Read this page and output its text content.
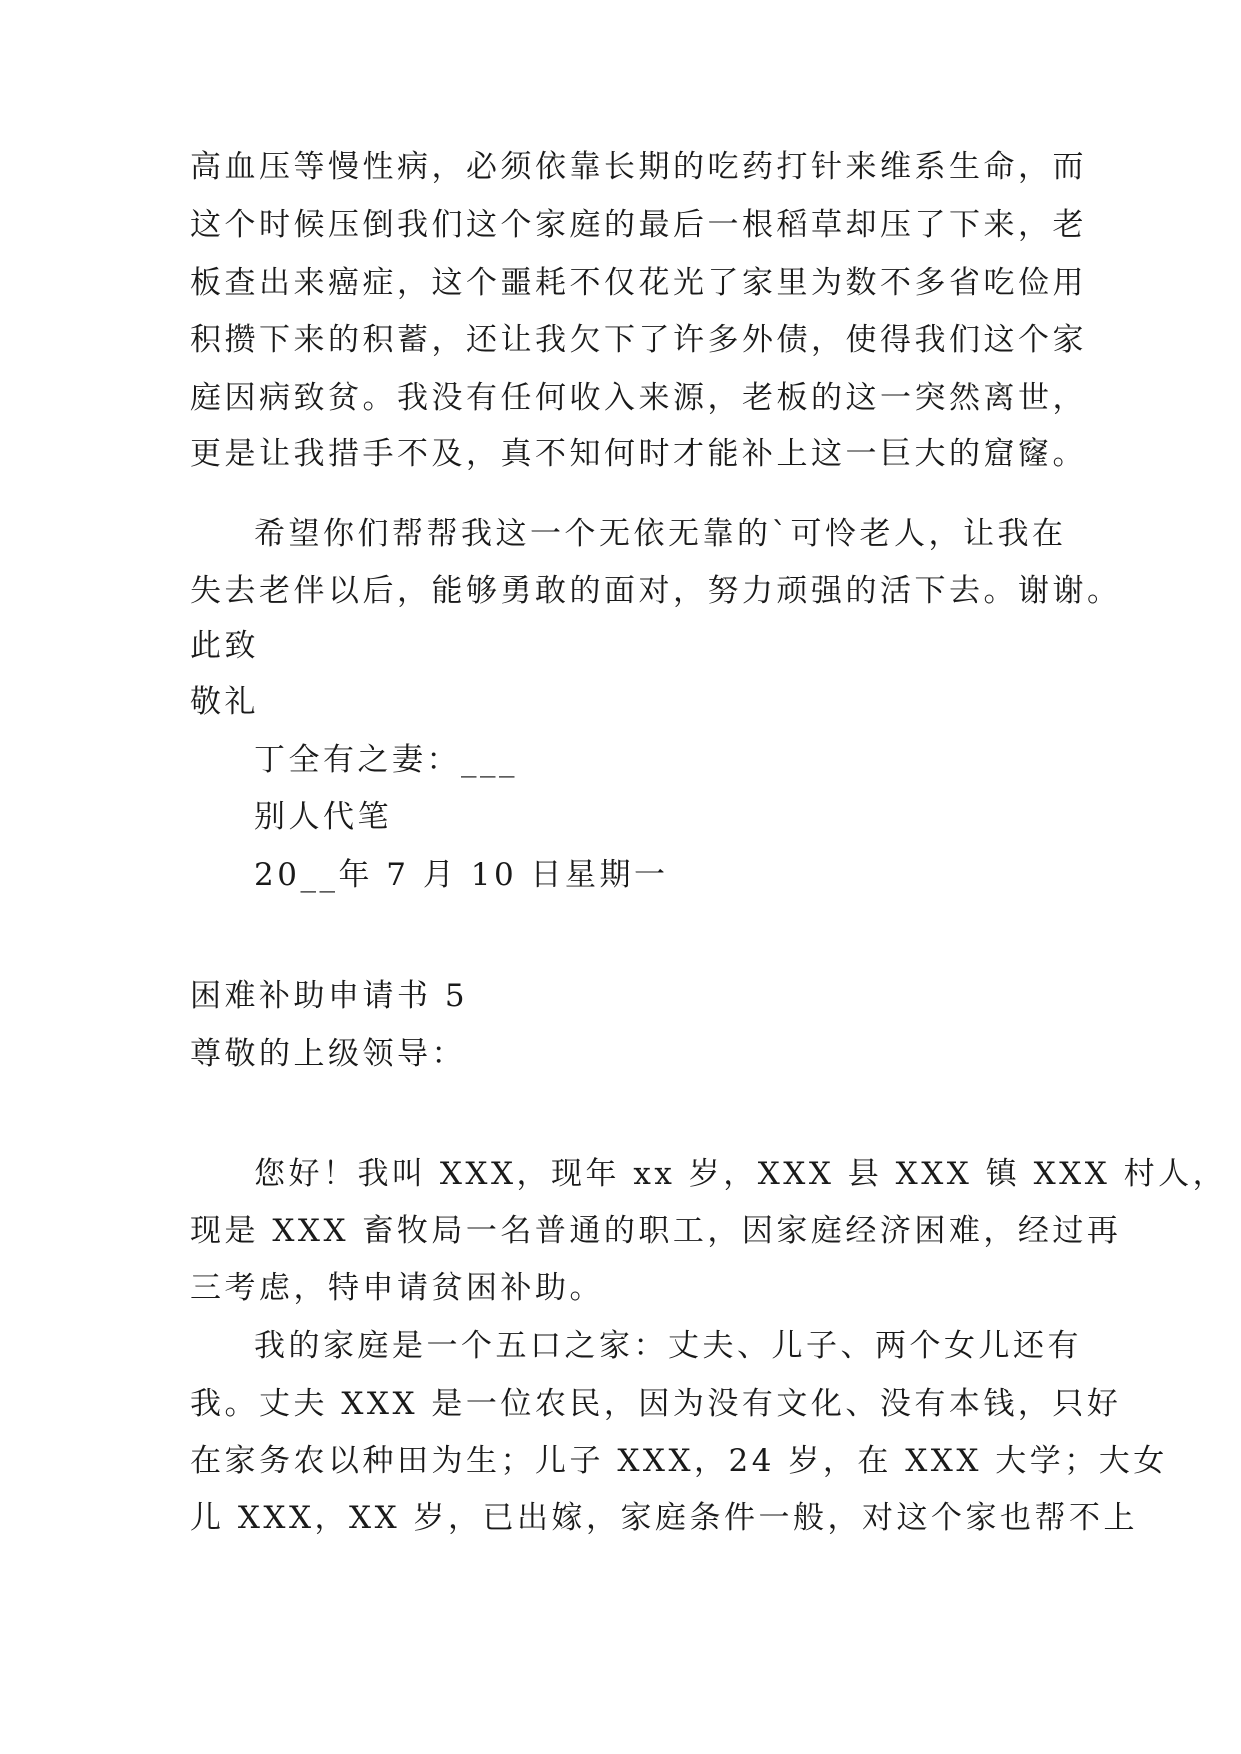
高血压等慢性病，必须依靠长期的吃药打针来维系生命，而
这个时候压倒我们这个家庭的最后一根稻草却压了下来，老
板查出来癌症，这个噩耗不仅花光了家里为数不多省吃俭用
积攒下来的积蓄，还让我欠下了许多外债，使得我们这个家
庭因病致贫。我没有任何收入来源，老板的这一突然离世，
更是让我措手不及，真不知何时才能补上这一巨大的窟窿。
希望你们帮帮我这一个无依无靠的`可怜老人，让我在
失去老伴以后，能够勇敢的面对，努力顽强的活下去。谢谢。
此致
敬礼
丁全有之妻：___
别人代笔
20__年 7 月 10 日星期一
困难补助申请书 5
尊敬的上级领导：
您好！我叫 XXX，现年 xx 岁，XXX 县 XXX 镇 XXX 村人，
现是 XXX 畜牧局一名普通的职工，因家庭经济困难，经过再
三考虑，特申请贫困补助。
我的家庭是一个五口之家：丈夫、儿子、两个女儿还有
我。丈夫 XXX 是一位农民，因为没有文化、没有本钱，只好
在家务农以种田为生；儿子 XXX，24 岁，在 XXX 大学；大女
儿 XXX，XX 岁，已出嫁，家庭条件一般，对这个家也帮不上
